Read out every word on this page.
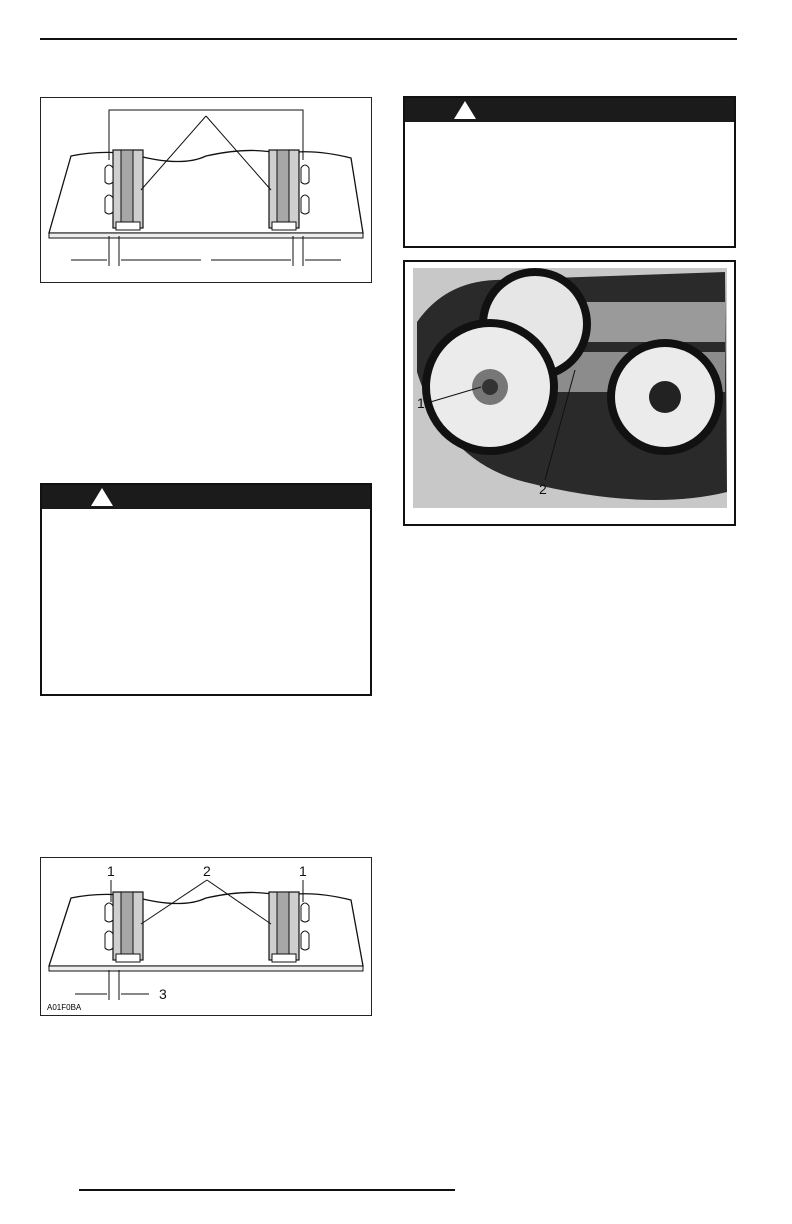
1
2
1	2	1
3
A01F0BA
